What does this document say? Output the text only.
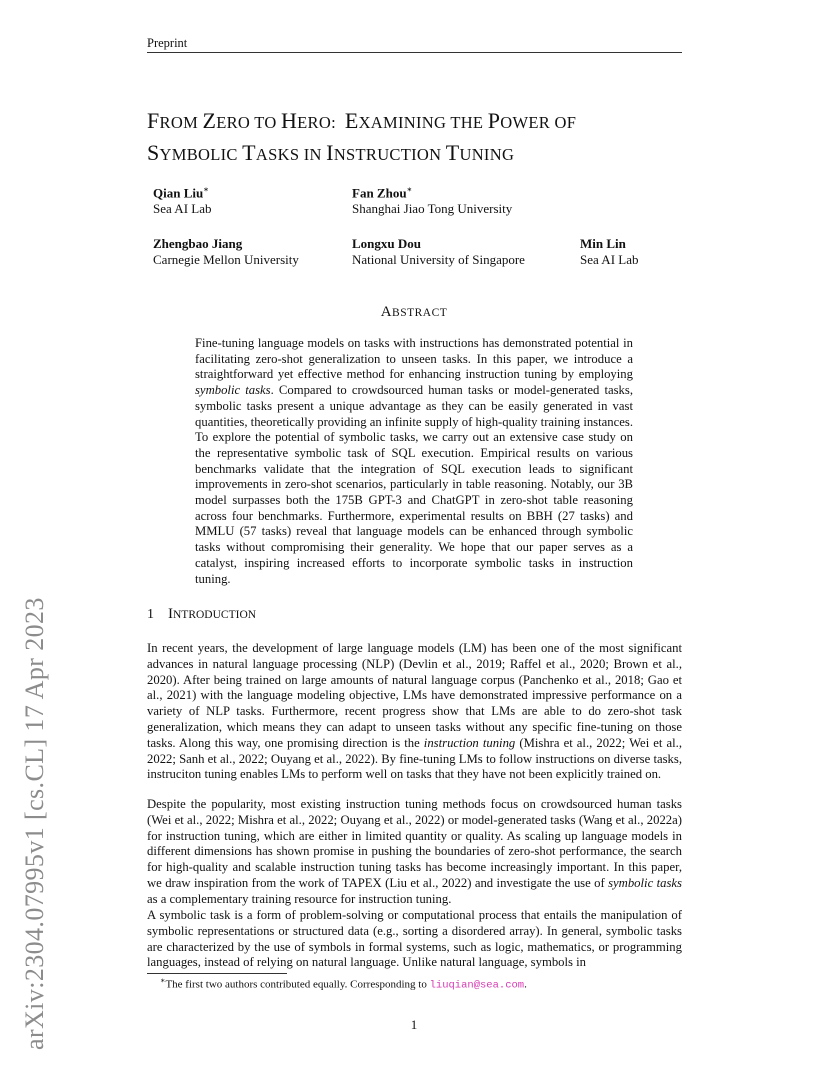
Preprint
arXiv:2304.07995v1 [cs.CL] 17 Apr 2023
FROM ZERO TO HERO:  EXAMINING THE POWER OF
SYMBOLIC TASKS IN INSTRUCTION TUNING
Qian Liu∗
Sea AI Lab
Fan Zhou∗
Shanghai Jiao Tong University
Zhengbao Jiang
Carnegie Mellon University
Longxu Dou
National University of Singapore
Min Lin
Sea AI Lab
ABSTRACT
Fine-tuning language models on tasks with instructions has demonstrated potential in facilitating zero-shot generalization to unseen tasks. In this paper, we introduce a straightforward yet effective method for enhancing instruction tuning by employing symbolic tasks. Compared to crowdsourced human tasks or model-generated tasks, symbolic tasks present a unique advantage as they can be easily generated in vast quantities, theoretically providing an infinite supply of high-quality training instances. To explore the potential of symbolic tasks, we carry out an extensive case study on the representative symbolic task of SQL execution. Empirical results on various benchmarks validate that the integration of SQL execution leads to significant improvements in zero-shot scenarios, particularly in table reasoning. Notably, our 3B model surpasses both the 175B GPT-3 and ChatGPT in zero-shot table reasoning across four benchmarks. Furthermore, experimental results on BBH (27 tasks) and MMLU (57 tasks) reveal that language models can be enhanced through symbolic tasks without compromising their generality. We hope that our paper serves as a catalyst, inspiring increased efforts to incorporate symbolic tasks in instruction tuning.
1 INTRODUCTION

In recent years, the development of large language models (LM) has been one of the most significant advances in natural language processing (NLP) (Devlin et al., 2019; Raffel et al., 2020; Brown et al., 2020). After being trained on large amounts of natural language corpus (Panchenko et al., 2018; Gao et al., 2021) with the language modeling objective, LMs have demonstrated impressive performance on a variety of NLP tasks. Furthermore, recent progress show that LMs are able to do zero-shot task generalization, which means they can adapt to unseen tasks without any specific fine-tuning on those tasks. Along this way, one promising direction is the instruction tuning (Mishra et al., 2022; Wei et al., 2022; Sanh et al., 2022; Ouyang et al., 2022). By fine-tuning LMs to follow instructions on diverse tasks, instruciton tuning enables LMs to perform well on tasks that they have not been explicitly trained on.

Despite the popularity, most existing instruction tuning methods focus on crowdsourced human tasks (Wei et al., 2022; Mishra et al., 2022; Ouyang et al., 2022) or model-generated tasks (Wang et al., 2022a) for instruction tuning, which are either in limited quantity or quality. As scaling up language models in different dimensions has shown promise in pushing the boundaries of zero-shot performance, the search for high-quality and scalable instruction tuning tasks has become increasingly important. In this paper, we draw inspiration from the work of TAPEX (Liu et al., 2022) and investigate the use of symbolic tasks as a complementary training resource for instruction tuning.

A symbolic task is a form of problem-solving or computational process that entails the manipulation of symbolic representations or structured data (e.g., sorting a disordered array). In general, symbolic tasks are characterized by the use of symbols in formal systems, such as logic, mathematics, or programming languages, instead of relying on natural language. Unlike natural language, symbols in

∗The first two authors contributed equally. Corresponding to liuqian@sea.com.
1
